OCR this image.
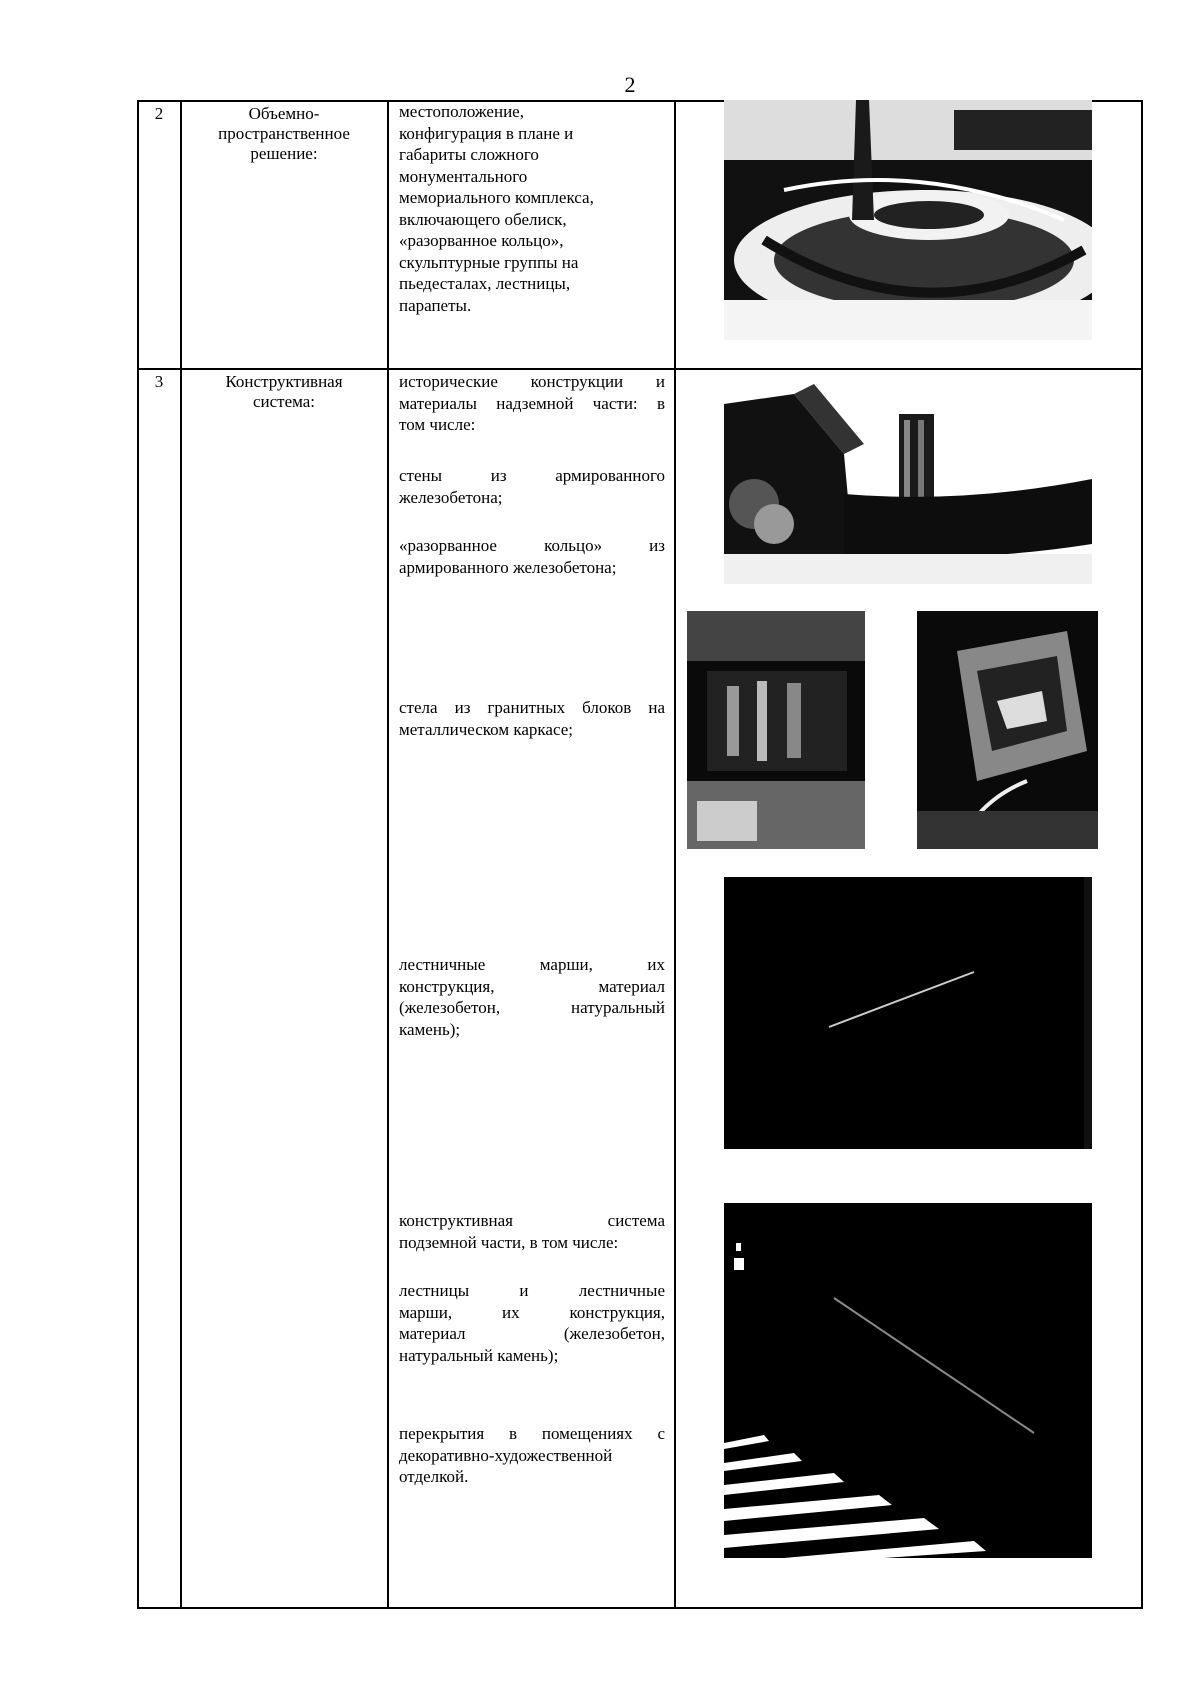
2
2	Объемно-
пространственное
решение:
местоположение,
конфигурация в плане и
габариты сложного
монументального
мемориального комплекса,
включающего обелиск,
«разорванное кольцо»,
скульптурные группы на
пьедесталах, лестницы,
парапеты.
3	Конструктивная
система:
исторические конструкции и
материалы надземной части: в
том числе:
стены из армированного
железобетона;
«разорванное кольцо» из
армированного железобетона;
стела из гранитных блоков на
металлическом каркасе;
лестничные марши, их
конструкция, материал
(железобетон, натуральный
камень);
конструктивная система
подземной части, в том числе:
лестницы и лестничные
марши, их конструкция,
материал (железобетон,
натуральный камень);
перекрытия в помещениях с
декоративно-художественной
отделкой.
